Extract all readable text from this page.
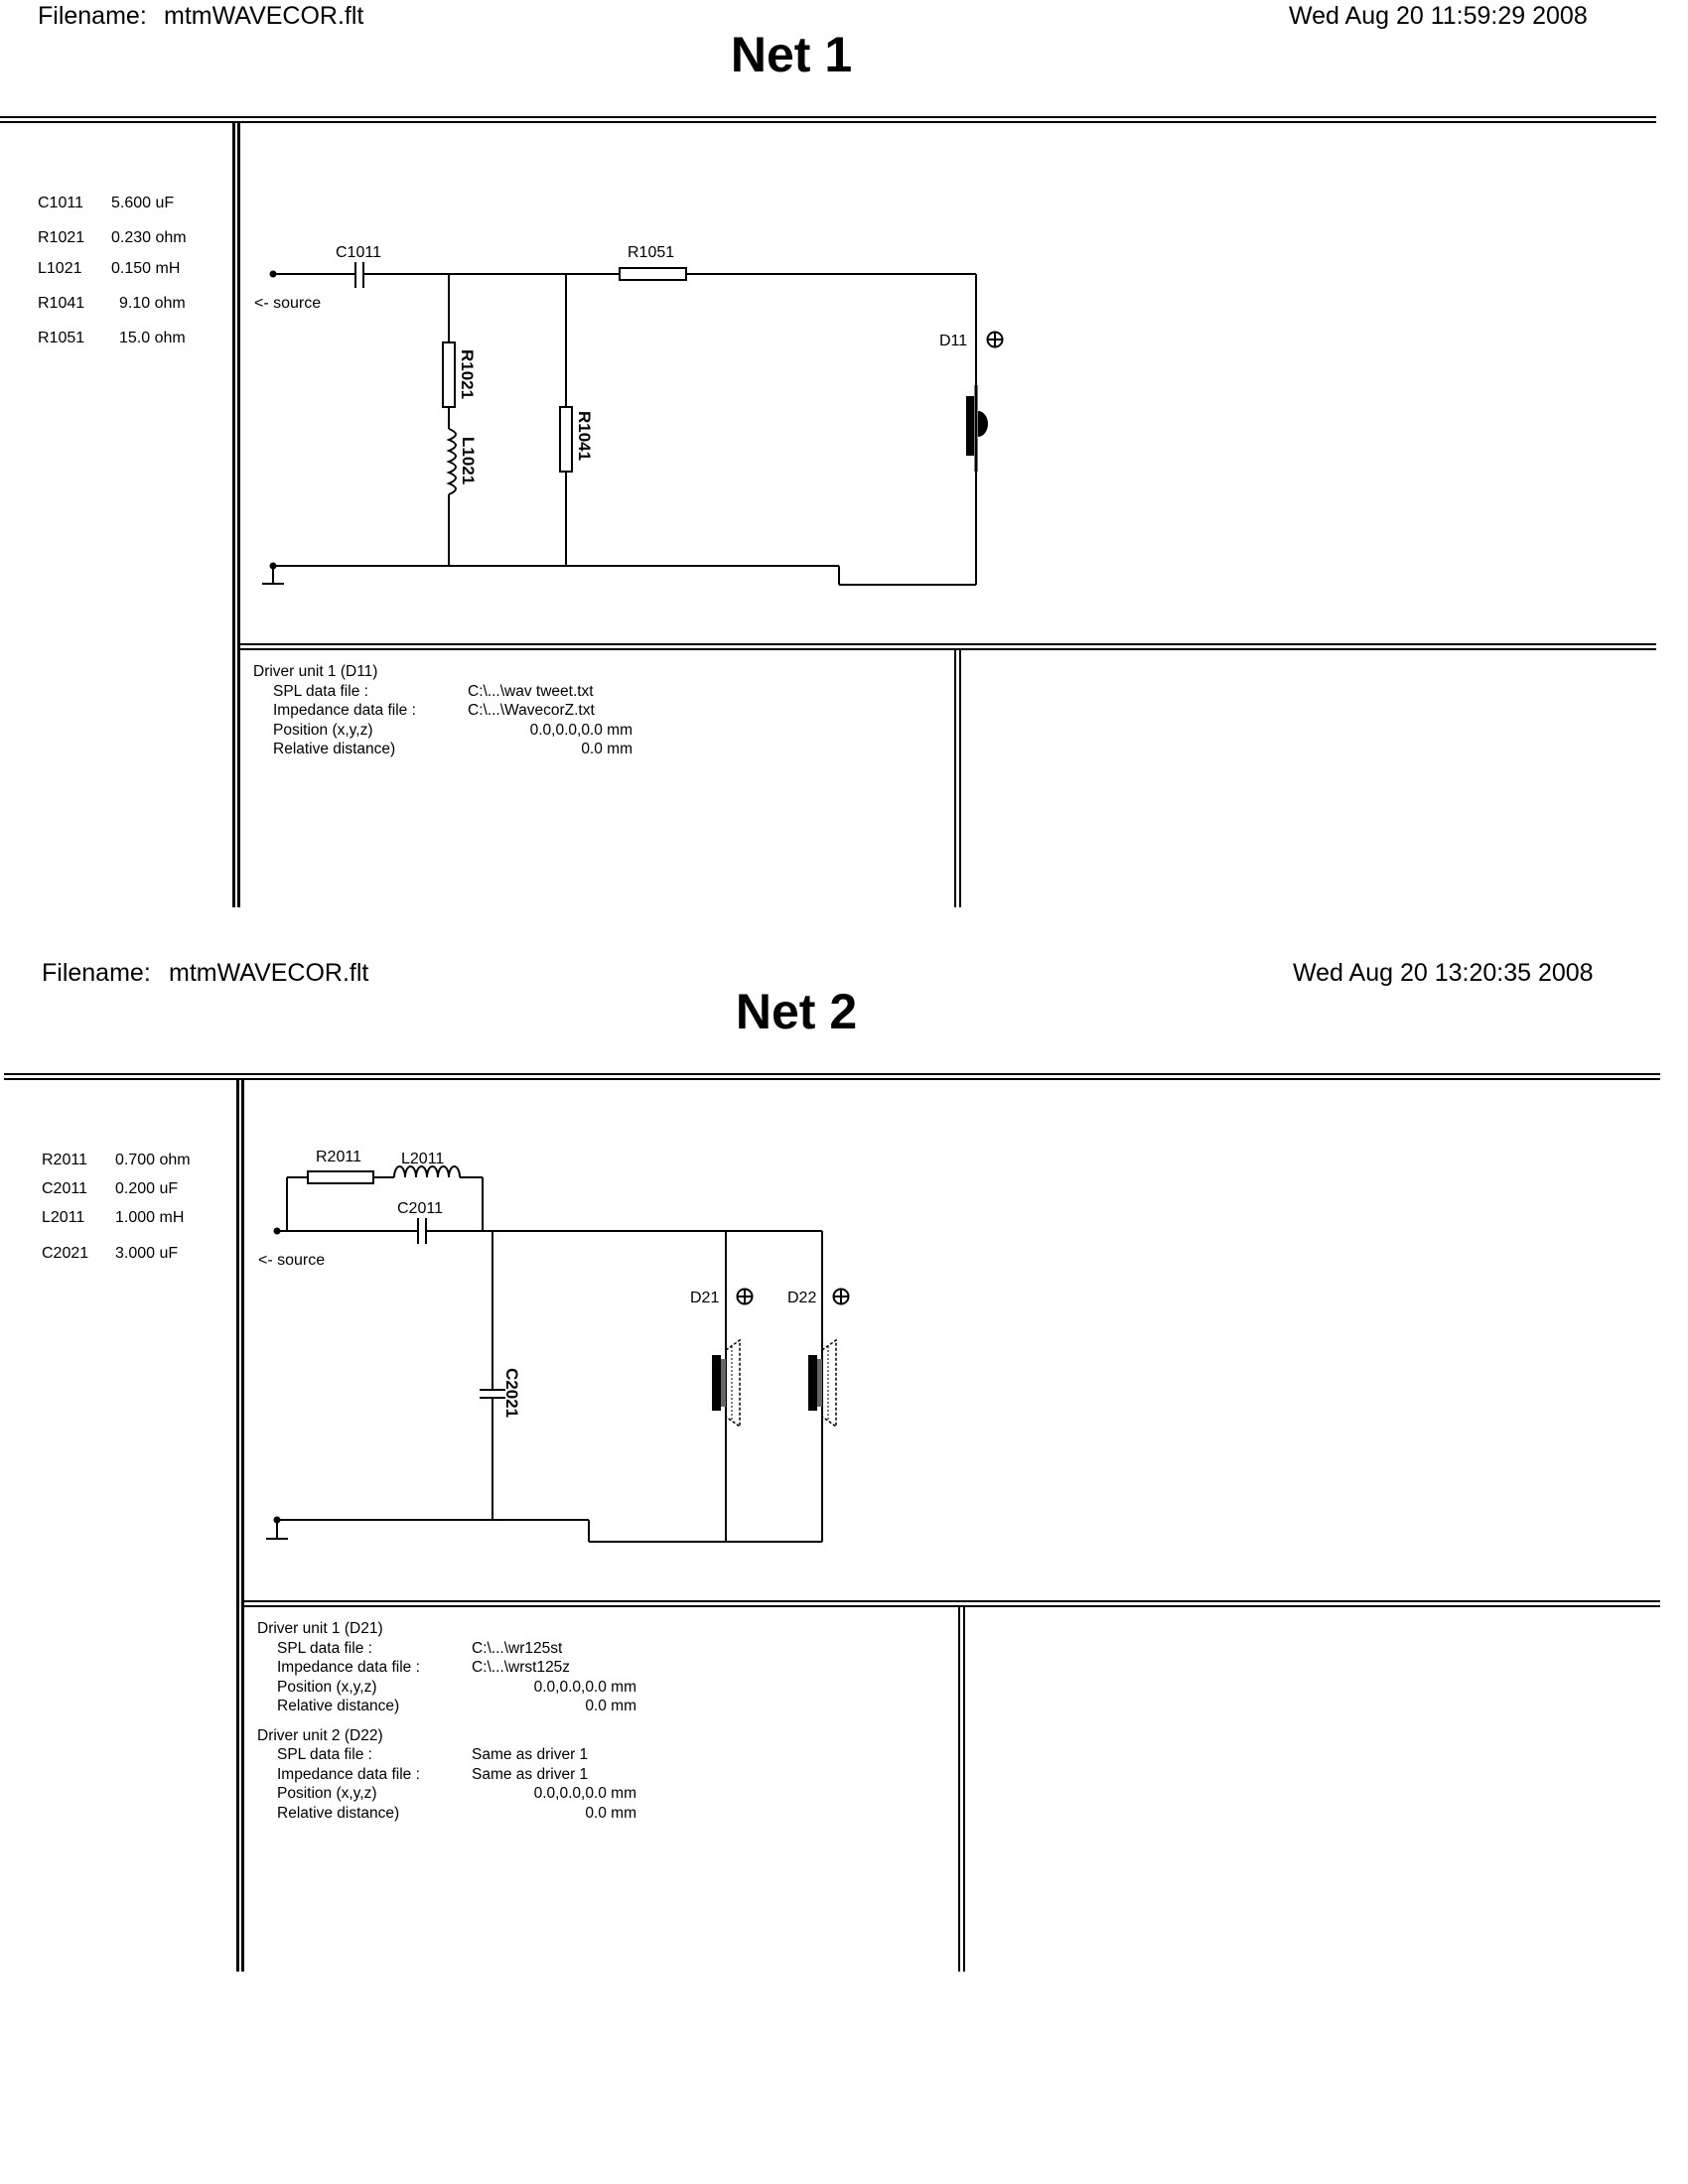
Filename: mtmWAVECOR.flt	Wed Aug 20 11:59:29 2008
Net 1
C1011 5.600 uF
R1021 0.230 ohm
L1021 0.150 mH
R1041 9.10 ohm
R1051 15.0 ohm
C1011	R1051
D11
<- source
R1021
L1021	R1041
Driver unit 1 (D11)
SPL data file :	C:\...\wav tweet.txt
Impedance data file :	C:\...\WavecorZ.txt
Position (x,y,z)	0.0,0.0,0.0 mm
Relative distance)	0.0 mm
Filename: mtmWAVECOR.flt	Wed Aug 20 13:20:35 2008
Net 2
R2011 0.700 ohm
C2011 0.200 uF
L2011 1.000 mH
C2021 3.000 uF
R2011	L2011
C2011
<- source
D21	D22
C2021
Driver unit 1 (D21)
SPL data file :	C:\...\wr125st
Impedance data file :	C:\...\wrst125z
Position (x,y,z)	0.0,0.0,0.0 mm
Relative distance)	0.0 mm
Driver unit 2 (D22)
SPL data file :	Same as driver 1
Impedance data file :	Same as driver 1
Position (x,y,z)	0.0,0.0,0.0 mm
Relative distance)	0.0 mm
